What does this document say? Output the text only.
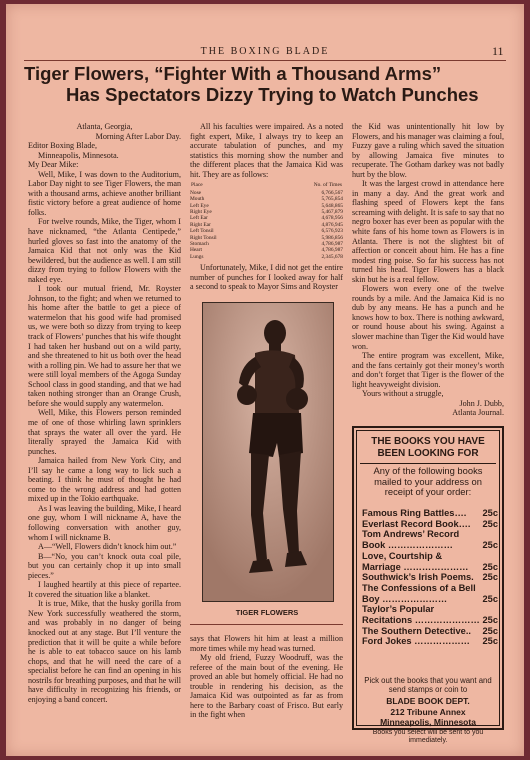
THE BOXING BLADE	11
Tiger Flowers, “Fighter With a Thousand Arms”
Has Spectators Dizzy Trying to Watch Punches

Atlanta, Georgia,

Morning After Labor Day.

Editor Boxing Blade,

Minneapolis, Minnesota.

My Dear Mike:

Well, Mike, I was down to the Auditorium, Labor Day night to see Tiger Flowers, the man with a thousand arms, achieve another brilliant fistic victory before a great audience of home folks.

For twelve rounds, Mike, the Tiger, whom I have nicknamed, “the Atlanta Centipede,” hurled gloves so fast into the anatomy of the Jamaica Kid that not only was the Kid bewildered, but the audience as well. I am still dizzy from trying to follow Flowers with the naked eye.

I took our mutual friend, Mr. Royster Johnson, to the fight; and when we returned to his home after the battle to get a piece of watermelon that his good wife had promised us, we were both so dizzy from trying to keep track of Flowers’ punches that his wife thought I had taken her husband out on a wild party, and she threatened to hit us both over the head with a rolling pin. We had to assure her that we were still loyal members of the Agoga Sunday School class in good standing, and that we had taken nothing stronger than an Orange Crush, before she would supply any watermelon.

Well, Mike, this Flowers person reminded me of one of those whirling lawn sprinklers that sprays the water all over the yard. He literally sprayed the Jamaica Kid with punches.

Jamaica hailed from New York City, and I’ll say he came a long way to lick such a beating. I think he must of thought he had come to the wrong address and had gotten mixed up in the Tokio earthquake.

As I was leaving the building, Mike, I heard one guy, whom I will nickname A, have the following conversation with another guy, whom I will nickname B.

A—“Well, Flowers didn’t knock him out.”

B—“No, you can’t knock outa coal pile, but you can certainly chop it up into small pieces.”

I laughed heartily at this piece of repartee. It covered the situation like a blanket.

It is true, Mike, that the husky gorilla from New York successfully weathered the storm, and was probably in no danger of being knocked out at any stage. But I’ll venture the prediction that it will be quite a while before he is able to eat tobacco sauce on his lamb chops, and that he will need the care of a specialist before he can find an opening in his nostrils for breathing purposes, and that he will have difficulty in recognizing his friends, or enjoying a band concert.

All his faculties were impaired. As a noted fight expert, Mike, I always try to keep an accurate tabulation of punches, and my statistics this morning show the number and the different places that the Jamaica Kid was hit. They are as follows:

Place	No. of Times
Nose	6,766,567
Mouth	5,765,854
Left Eye	5,648,865
Right Eye	5,467,879
Left Ear	4,678,956
Right Ear	4,876,945
Left Tonsil	6,576,923
Right Tonsil	5,986,856
Stomach	4,786,987
Heart	4,786,987
Lungs	2,345,678

Unfortunately, Mike, I did not get the entire number of punches for I looked away for half a second to speak to Mayor Sims and Royster

TIGER FLOWERS

says that Flowers hit him at least a million more times while my head was turned.

My old friend, Fuzzy Woodruff, was the referee of the main bout of the evening. He proved an able but homely official. He had no trouble in rendering his decision, as the Jamaica Kid was outpointed as far as from here to the Barbary coast of Frisco. But early in the fight when

the Kid was unintentionally hit low by Flowers, and his manager was claiming a foul, Fuzzy gave a ruling which saved the situation by allowing Jamaica five minutes to recuperate. The Gotham darkey was not badly hurt by the blow.

It was the largest crowd in attendance here in many a day. And the great work and flashing speed of Flowers kept the fans screaming with delight. It is safe to say that no negro boxer has ever been as popular with the white fans of his home town as Flowers is in Atlanta. There is not the slightest bit of affection or conceit about him. He has a fine modest ring poise. So far his success has not turned his head. Tiger Flowers has a black skin but he is a real fellow.

Flowers won every one of the twelve rounds by a mile. And the Jamaica Kid is no dub by any means. He has a punch and he knows how to box. There is nothing awkward, or round house about his swing. Against a slower machine than Tiger the Kid would have won.

The entire program was excellent, Mike, and the fans certainly got their money’s worth and don’t forget that Tiger is the flower of the light heavyweight division.

Yours without a struggle,

John J. Dubb,

Atlanta Journal.

THE BOOKS YOU HAVE
BEEN LOOKING FOR
Any of the following books mailed to your address on receipt of your order:
Famous Ring Battles….	25c
Everlast Record Book….	25c
Tom Andrews’ Record
Book …………………	25c
Love, Courtship & Marriage …………………	25c
Southwick’s Irish Poems. 25c
The Confessions of a Bell
Boy …………………	25c
Taylor’s Popular Recitations ………………… 25c
The Southern Detective..	25c
Ford Jokes ………………	25c
Pick out the books that you want and send stamps or coin to
BLADE BOOK DEPT.
212 Tribune Annex
Minneapolis, Minnesota
Books you select will be sent to you immediately.
